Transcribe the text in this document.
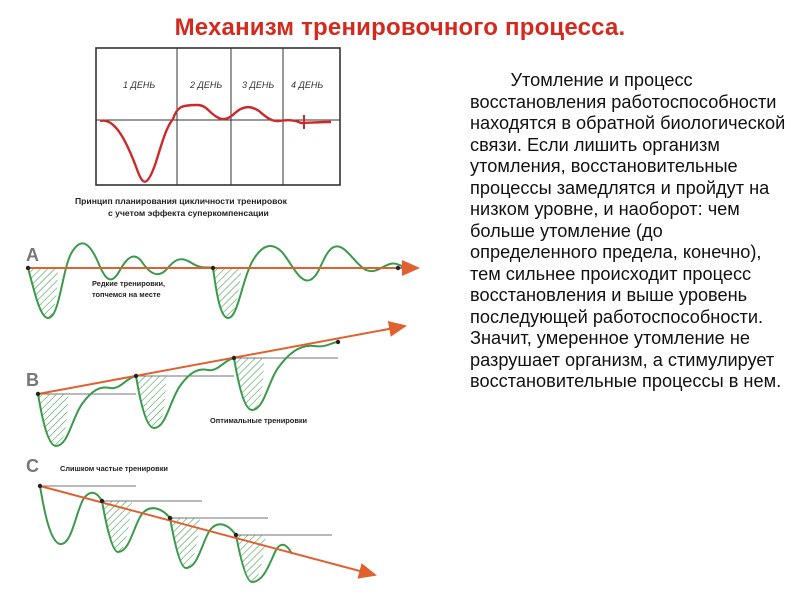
Механизм тренировочного процесса.
1 ДЕНЬ	2 ДЕНЬ 3 ДЕНЬ 4 ДЕНЬ
Принцип планирования цикличности тренировок
с учетом эффекта суперкомпенсации
A
Редкие тренировки,
топчемся на месте
B
Оптимальные тренировки
C	Слишком частые тренировки
Утомление и процесс восстановления работоспособности находятся в обратной биологической связи. Если лишить организм утомления, восстановительные процессы замедлятся и пройдут на низком уровне, и наоборот: чем больше утомление (до определенного предела, конечно), тем сильнее происходит процесс восстановления и выше уровень последующей работоспособности. Значит, умеренное утомление не разрушает организм, а стимулирует восстановительные процессы в нем.
